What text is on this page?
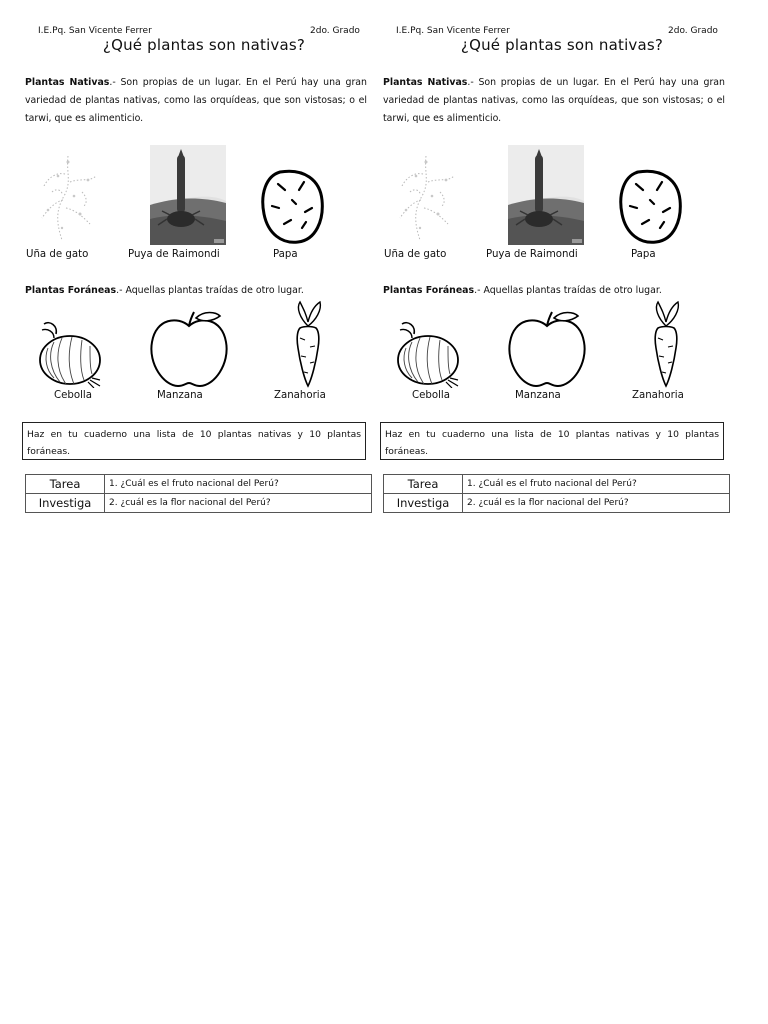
I.E.Pq. San Vicente Ferrer	2do. Grado
¿Qué plantas son nativas?
Plantas Nativas.- Son propias de un lugar. En el Perú hay una gran variedad de plantas nativas, como las orquídeas, que son vistosas; o el tarwi, que es alimenticio.
Uña de gato	Puya de Raimondi	Papa
Plantas Foráneas.- Aquellas plantas traídas de otro lugar.
Cebolla	Manzana	Zanahoria
Haz en tu cuaderno una lista de 10 plantas nativas y 10 plantas foráneas.
Tarea	1. ¿Cuál es el fruto nacional del Perú?
Investiga	2. ¿cuál es la flor nacional del Perú?
I.E.Pq. San Vicente Ferrer	2do. Grado
¿Qué plantas son nativas?
Plantas Nativas.- Son propias de un lugar. En el Perú hay una gran variedad de plantas nativas, como las orquídeas, que son vistosas; o el tarwi, que es alimenticio.
Uña de gato	Puya de Raimondi	Papa
Plantas Foráneas.- Aquellas plantas traídas de otro lugar.
Cebolla	Manzana	Zanahoria
Haz en tu cuaderno una lista de 10 plantas nativas y 10 plantas foráneas.
Tarea	1. ¿Cuál es el fruto nacional del Perú?
Investiga	2. ¿cuál es la flor nacional del Perú?
